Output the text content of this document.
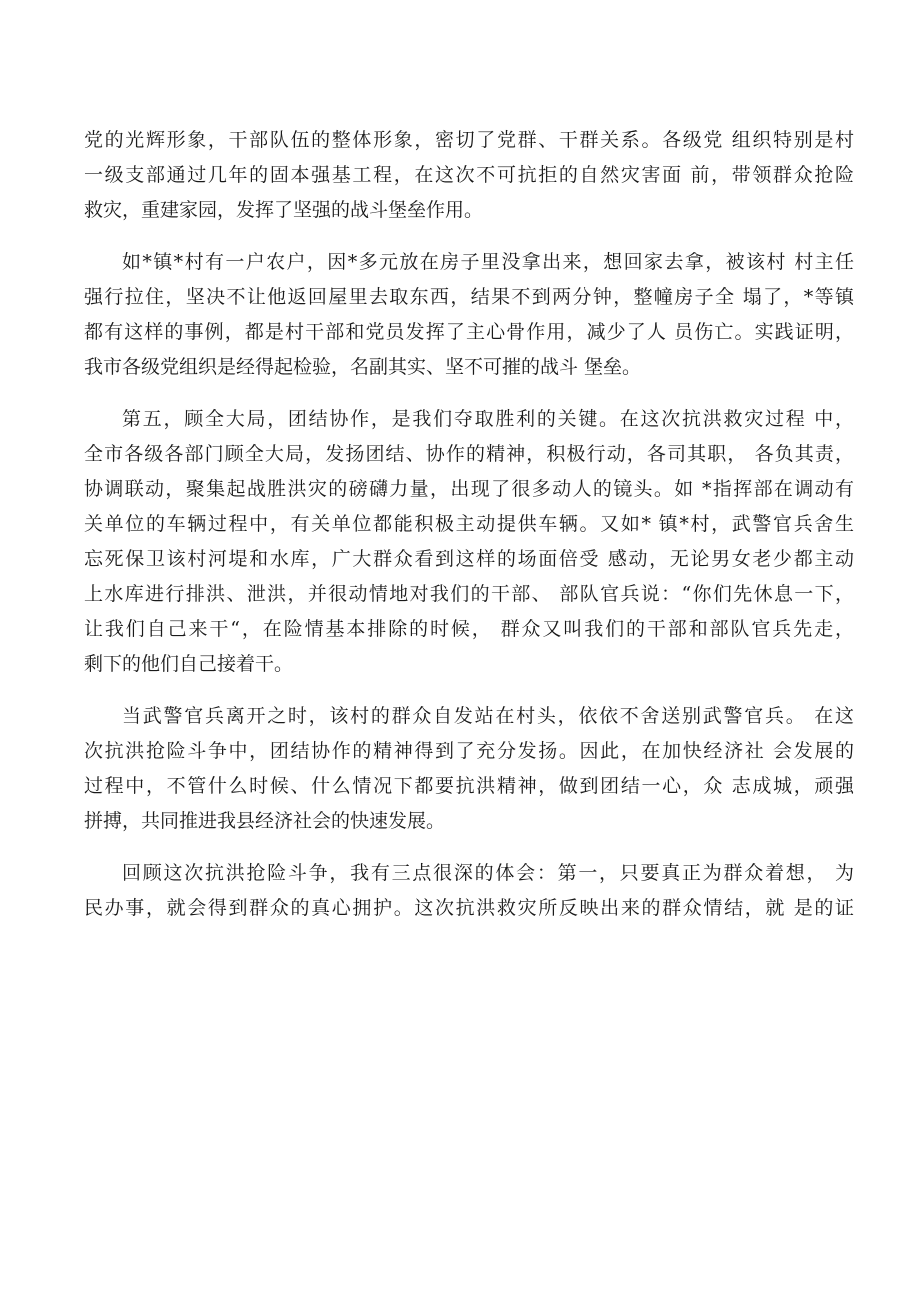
党的光辉形象，干部队伍的整体形象，密切了党群、干群关系。各级党 组织特别是村
一级支部通过几年的固本强基工程，在这次不可抗拒的自然灾害面 前，带领群众抢险
救灾，重建家园，发挥了坚强的战斗堡垒作用。
如*镇*村有一户农户，因*多元放在房子里没拿出来，想回家去拿，被该村 村主任
强行拉住，坚决不让他返回屋里去取东西，结果不到两分钟，整幢房子全 塌了，*等镇
都有这样的事例，都是村干部和党员发挥了主心骨作用，减少了人 员伤亡。实践证明，
我市各级党组织是经得起检验，名副其实、坚不可摧的战斗 堡垒。
第五，顾全大局，团结协作，是我们夺取胜利的关键。在这次抗洪救灾过程 中，
全市各级各部门顾全大局，发扬团结、协作的精神，积极行动，各司其职， 各负其责，
协调联动，聚集起战胜洪灾的磅礴力量，出现了很多动人的镜头。如 *指挥部在调动有
关单位的车辆过程中，有关单位都能积极主动提供车辆。又如* 镇*村，武警官兵舍生
忘死保卫该村河堤和水库，广大群众看到这样的场面倍受 感动，无论男女老少都主动
上水库进行排洪、泄洪，并很动情地对我们的干部、 部队官兵说：“你们先休息一下，
让我们自己来干“，在险情基本排除的时候， 群众又叫我们的干部和部队官兵先走，
剩下的他们自己接着干。
当武警官兵离开之时，该村的群众自发站在村头，依依不舍送别武警官兵。 在这
次抗洪抢险斗争中，团结协作的精神得到了充分发扬。因此，在加快经济社 会发展的
过程中，不管什么时候、什么情况下都要抗洪精神，做到团结一心，众 志成城，顽强
拼搏，共同推进我县经济社会的快速发展。
回顾这次抗洪抢险斗争，我有三点很深的体会：第一，只要真正为群众着想， 为
民办事，就会得到群众的真心拥护。这次抗洪救灾所反映出来的群众情结，就 是的证
